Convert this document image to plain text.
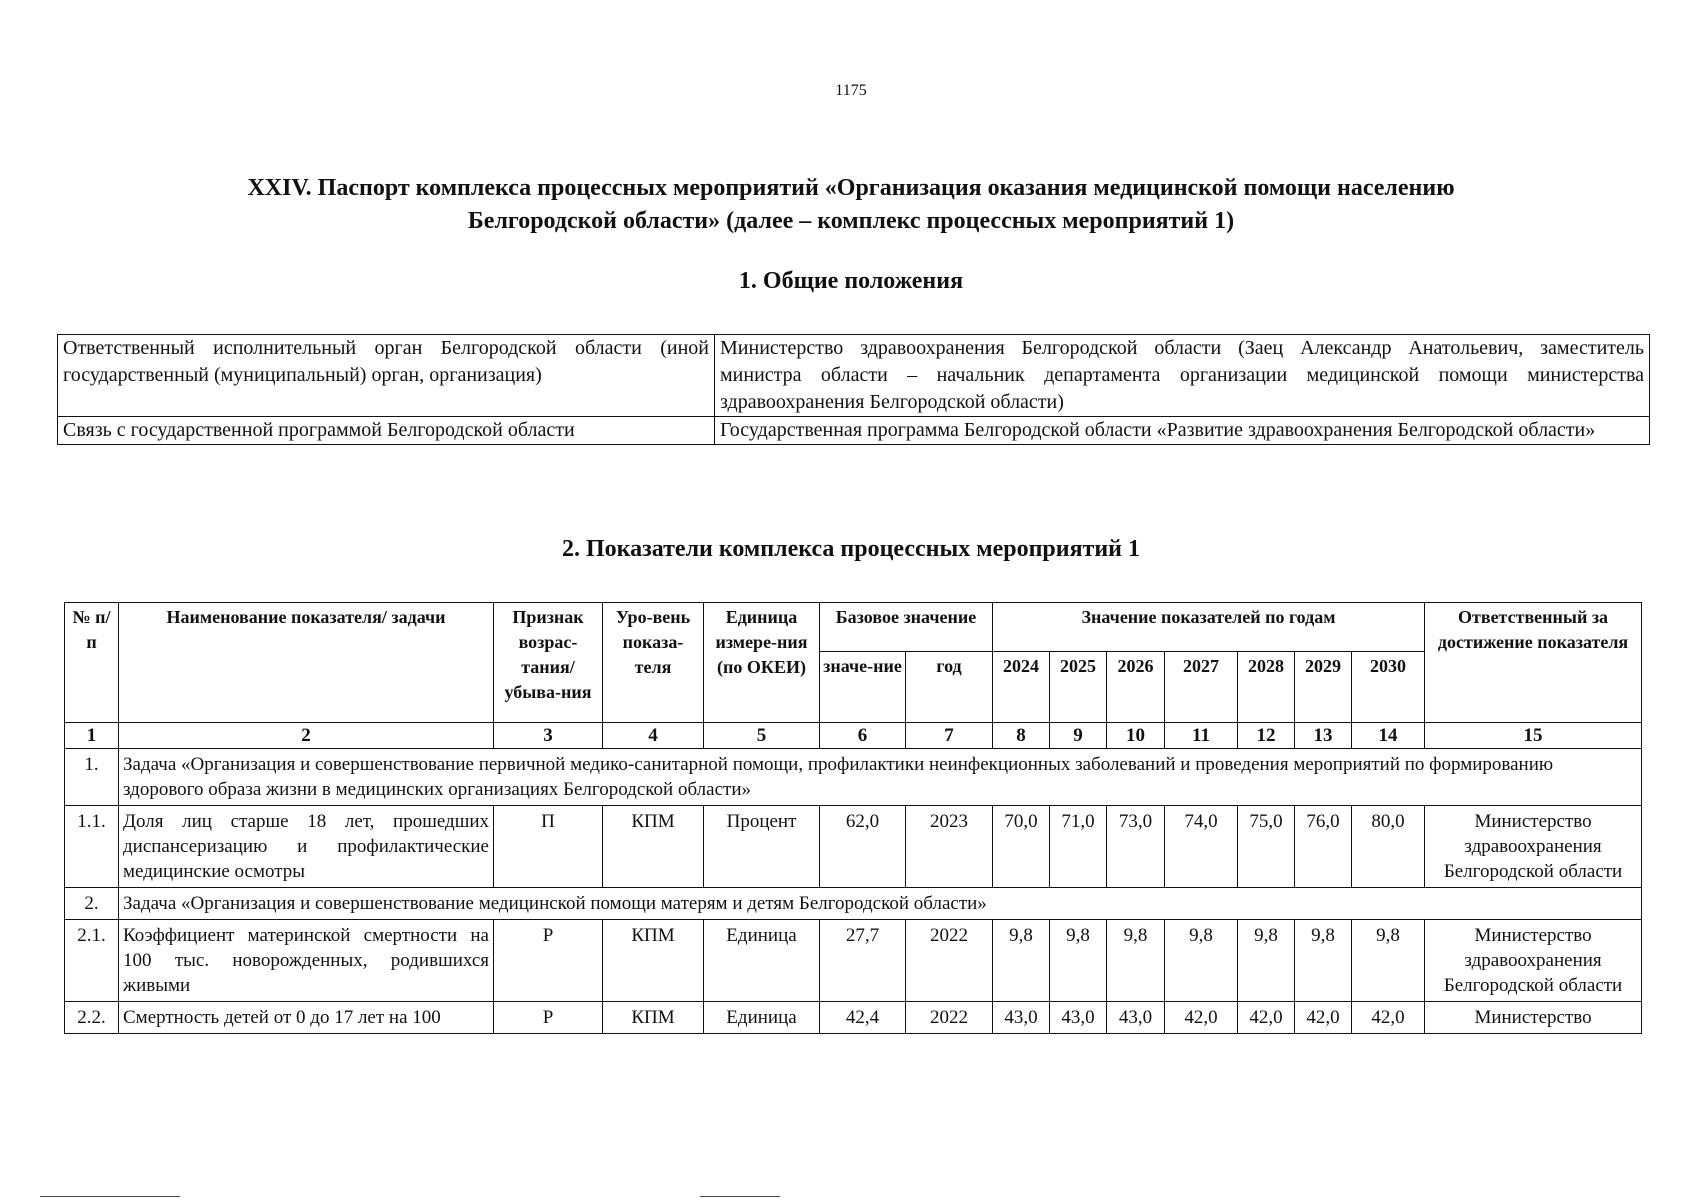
1175
XXIV. Паспорт комплекса процессных мероприятий «Организация оказания медицинской помощи населению
Белгородской области» (далее – комплекс процессных мероприятий 1)
1. Общие положения
Ответственный исполнительный орган Белгородской области (иной государственный (муниципальный) орган, организация)	Министерство здравоохранения Белгородской области (Заец Александр Анатольевич, заместитель министра области – начальник департамента организации медицинской помощи министерства здравоохранения Белгородской области)
Связь с государственной программой Белгородской области	Государственная программа Белгородской области «Развитие здравоохранения Белгородской области»
2. Показатели комплекса процессных мероприятий 1
№ п/п	Наименование показателя/ задачи	Признак возрас-тания/ убыва-ния	Уро-вень показа-теля	Единица измере-ния (по ОКЕИ)	Базовое значение		Значение показателей по годам							Ответственный за достижение показателя
					значе-ние	год	2024	2025	2026	2027	2028	2029	2030	
1	2	3	4	5	6	7	8	9	10	11	12	13	14	15
1.	Задача «Организация и совершенствование первичной медико-санитарной помощи, профилактики неинфекционных заболеваний и проведения мероприятий по формированию здорового образа жизни в медицинских организациях Белгородской области»													
1.1.	Доля лиц старше 18 лет, прошедших диспансеризацию и профилактические медицинские осмотры	П	КПМ	Процент	62,0	2023	70,0	71,0	73,0	74,0	75,0	76,0	80,0	Министерство здравоохранения Белгородской области
2.	Задача «Организация и совершенствование медицинской помощи матерям и детям Белгородской области»													
2.1.	Коэффициент материнской смертности на 100 тыс. новорожденных, родившихся живыми	Р	КПМ	Единица	27,7	2022	9,8	9,8	9,8	9,8	9,8	9,8	9,8	Министерство здравоохранения Белгородской области
2.2.	Смертность детей от 0 до 17 лет на 100	Р	КПМ	Единица	42,4	2022	43,0	43,0	43,0	42,0	42,0	42,0	42,0	Министерство
